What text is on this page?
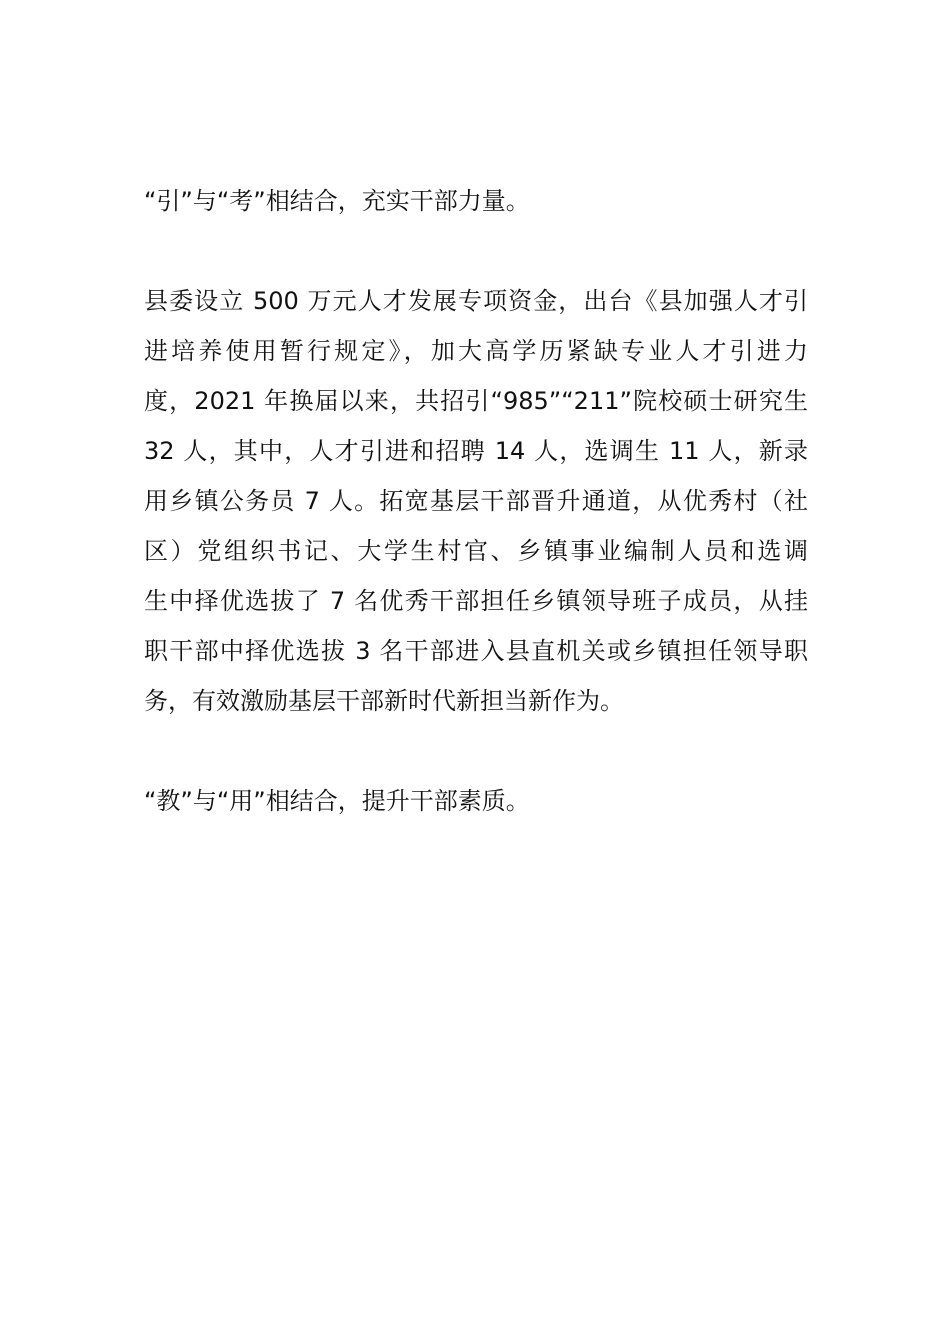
“引”与“考”相结合，充实干部力量。

县委设立 500 万元人才发展专项资金，出台《县加强人才引
进培养使用暂行规定》，加大高学历紧缺专业人才引进力
度，2021 年换届以来，共招引“985”“211”院校硕士研究生
32 人，其中，人才引进和招聘 14 人，选调生 11 人，新录
用乡镇公务员 7 人。拓宽基层干部晋升通道，从优秀村（社
区）党组织书记、大学生村官、乡镇事业编制人员和选调
生中择优选拔了 7 名优秀干部担任乡镇领导班子成员，从挂
职干部中择优选拔 3 名干部进入县直机关或乡镇担任领导职
务，有效激励基层干部新时代新担当新作为。

“教”与“用”相结合，提升干部素质。
